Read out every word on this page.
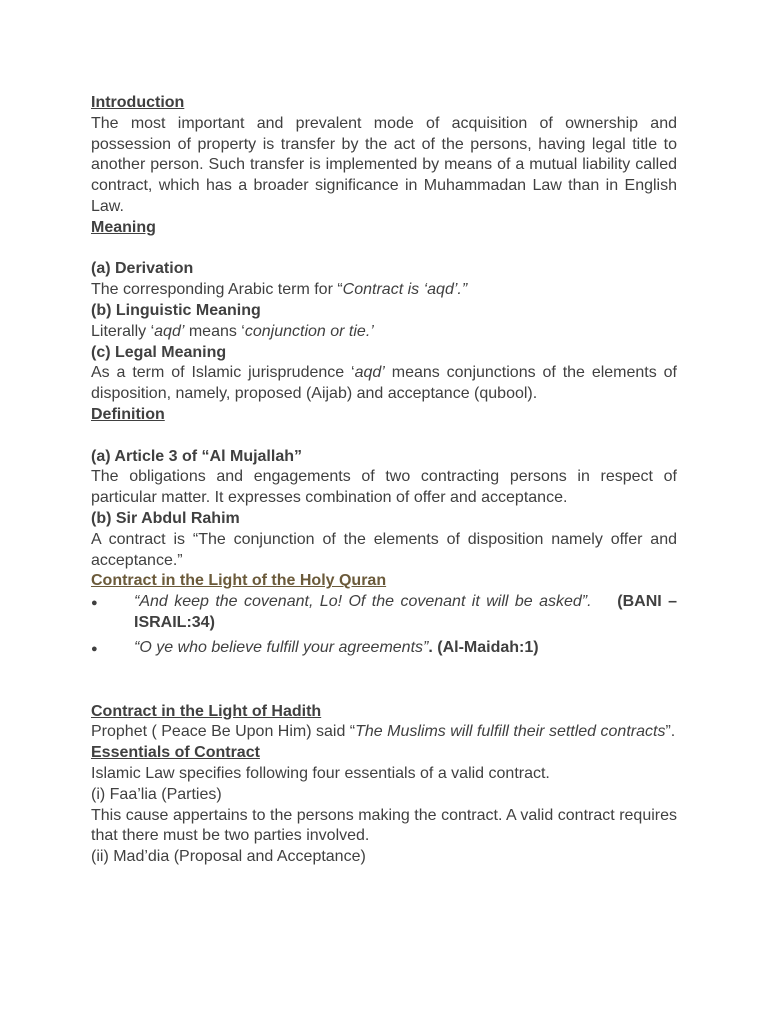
Introduction

The most important and prevalent mode of acquisition of ownership and possession of property is transfer by the act of the persons, having legal title to another person. Such transfer is implemented by means of a mutual liability called contract, which has a broader significance in Muhammadan Law than in English Law.

Meaning

(a) Derivation

The corresponding Arabic term for “Contract is ‘aqd’.”

(b) Linguistic Meaning

Literally ‘aqd’ means ‘conjunction or tie.’

(c) Legal Meaning

As a term of Islamic jurisprudence ‘aqd’ means conjunctions of the elements of disposition, namely, proposed (Aijab) and acceptance (qubool).

Definition

(a) Article 3 of “Al Mujallah”

The obligations and engagements of two contracting persons in respect of particular matter. It expresses combination of offer and acceptance.

(b) Sir Abdul Rahim

A contract is “The conjunction of the elements of disposition namely offer and acceptance.”

Contract in the Light of the Holy Quran

● “And keep the covenant, Lo! Of the covenant it will be asked”. (BANI – ISRAIL:34)

● “O ye who believe fulfill your agreements”. (Al-Maidah:1)

Contract in the Light of Hadith

Prophet ( Peace Be Upon Him) said “The Muslims will fulfill their settled contracts”.

Essentials of Contract

Islamic Law specifies following four essentials of a valid contract.

(i) Faa’lia (Parties)

This cause appertains to the persons making the contract. A valid contract requires that there must be two parties involved.

(ii) Mad’dia (Proposal and Acceptance)
